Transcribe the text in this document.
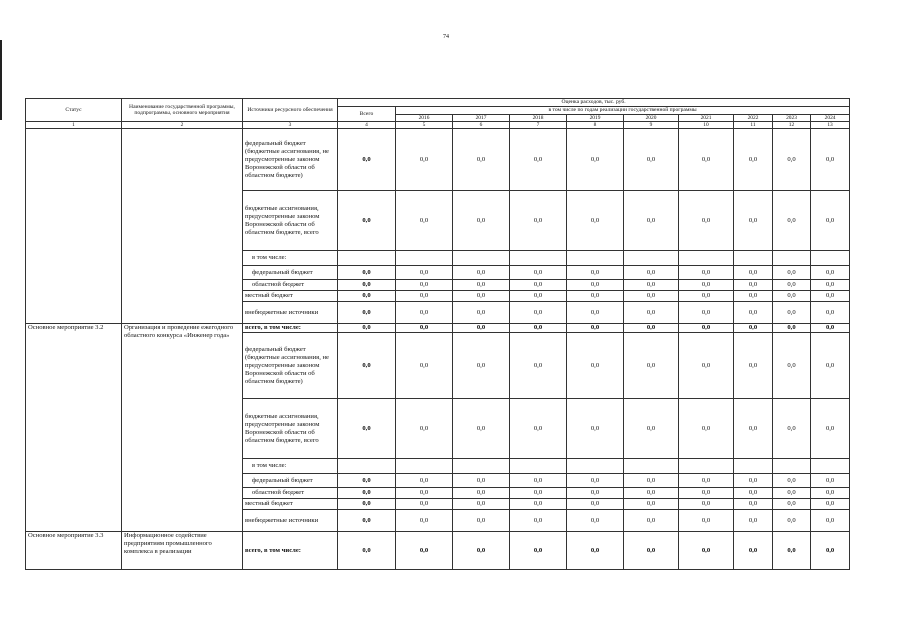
74
Статус	Наименование государственной программы, подпрограммы, основного мероприятия	Источники ресурсного обеспечения	Оценка расходов, тыс. руб.									
			Всего	в том числе по годам реализации государственной программы								
				2016	2017	2018	2019	2020	2021	2022	2023	2024
1	2	3	4	5	6	7	8	9	10	11	12	13
		федеральный бюджет (бюджетные ассигнования, не предусмотренные законом Воронежской области об областном бюджете)	0,0	0,0	0,0	0,0	0,0	0,0	0,0	0,0	0,0	0,0
		бюджетные ассигнования, предусмотренные законом Воронежской области об областном бюджете, всего	0,0	0,0	0,0	0,0	0,0	0,0	0,0	0,0	0,0	0,0
		в том числе:										
		федеральный бюджет	0,0	0,0	0,0	0,0	0,0	0,0	0,0	0,0	0,0	0,0
		областной бюджет	0,0	0,0	0,0	0,0	0,0	0,0	0,0	0,0	0,0	0,0
		местный бюджет	0,0	0,0	0,0	0,0	0,0	0,0	0,0	0,0	0,0	0,0
		внебюджетные источники	0,0	0,0	0,0	0,0	0,0	0,0	0,0	0,0	0,0	0,0
Основное мероприятие 3.2	Организация и проведение ежегодного областного конкурса «Инженер года»	всего, в том числе:	0,0	0,0	0,0	0,0	0,0	0,0	0,0	0,0	0,0	0,0
		федеральный бюджет (бюджетные ассигнования, не предусмотренные законом Воронежской области об областном бюджете)	0,0	0,0	0,0	0,0	0,0	0,0	0,0	0,0	0,0	0,0
		бюджетные ассигнования, предусмотренные законом Воронежской области об областном бюджете, всего	0,0	0,0	0,0	0,0	0,0	0,0	0,0	0,0	0,0	0,0
		в том числе:										
		федеральный бюджет	0,0	0,0	0,0	0,0	0,0	0,0	0,0	0,0	0,0	0,0
		областной бюджет	0,0	0,0	0,0	0,0	0,0	0,0	0,0	0,0	0,0	0,0
		местный бюджет	0,0	0,0	0,0	0,0	0,0	0,0	0,0	0,0	0,0	0,0
		внебюджетные источники	0,0	0,0	0,0	0,0	0,0	0,0	0,0	0,0	0,0	0,0
Основное мероприятие 3.3	Информационное содействие предприятиям промышленного комплекса в реализации	всего, в том числе:	0,0	0,0	0,0	0,0	0,0	0,0	0,0	0,0	0,0	0,0
